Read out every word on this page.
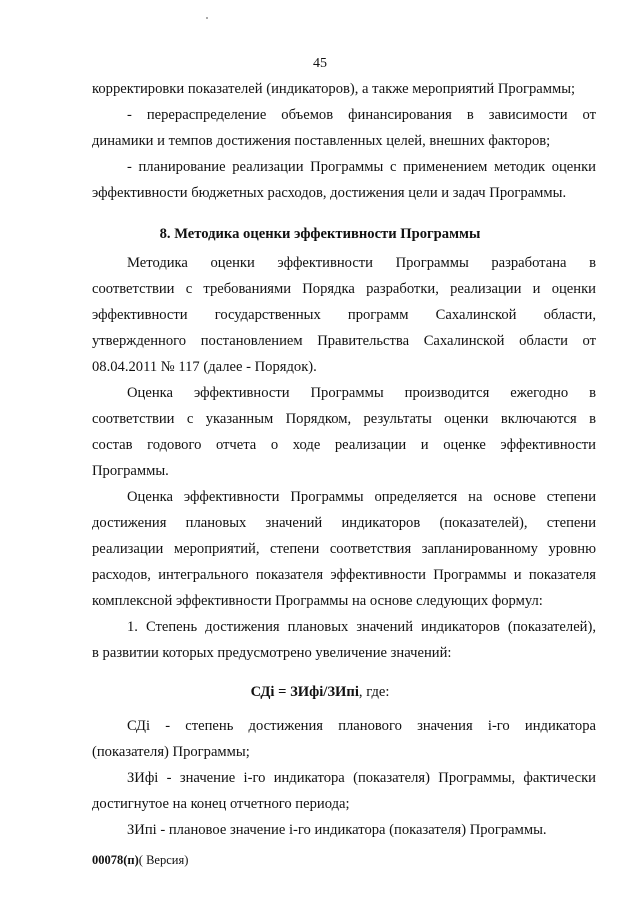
45
корректировки показателей (индикаторов), а также мероприятий Программы;
- перераспределение объемов финансирования в зависимости от
динамики и темпов достижения поставленных целей, внешних факторов;
- планирование реализации Программы с применением методик оценки
эффективности бюджетных расходов, достижения цели и задач Программы.
8. Методика оценки эффективности Программы
Методика оценки эффективности Программы разработана в
соответствии с требованиями Порядка разработки, реализации и оценки
эффективности государственных программ Сахалинской области,
утвержденного постановлением Правительства Сахалинской области от
08.04.2011 № 117 (далее - Порядок).
Оценка эффективности Программы производится ежегодно в
соответствии с указанным Порядком, результаты оценки включаются в
состав годового отчета о ходе реализации и оценке эффективности
Программы.
Оценка эффективности Программы определяется на основе степени
достижения плановых значений индикаторов (показателей), степени
реализации мероприятий, степени соответствия запланированному уровню
расходов, интегрального показателя эффективности Программы и показателя
комплексной эффективности Программы на основе следующих формул:
1. Степень достижения плановых значений индикаторов (показателей),
в развитии которых предусмотрено увеличение значений:
СДі = ЗИфі/ЗИпі, где:
СДі - степень достижения планового значения і-го индикатора
(показателя) Программы;
ЗИфі - значение і-го индикатора (показателя) Программы, фактически
достигнутое на конец отчетного периода;
ЗИпі - плановое значение і-го индикатора (показателя) Программы.
00078(п)( Версия)
